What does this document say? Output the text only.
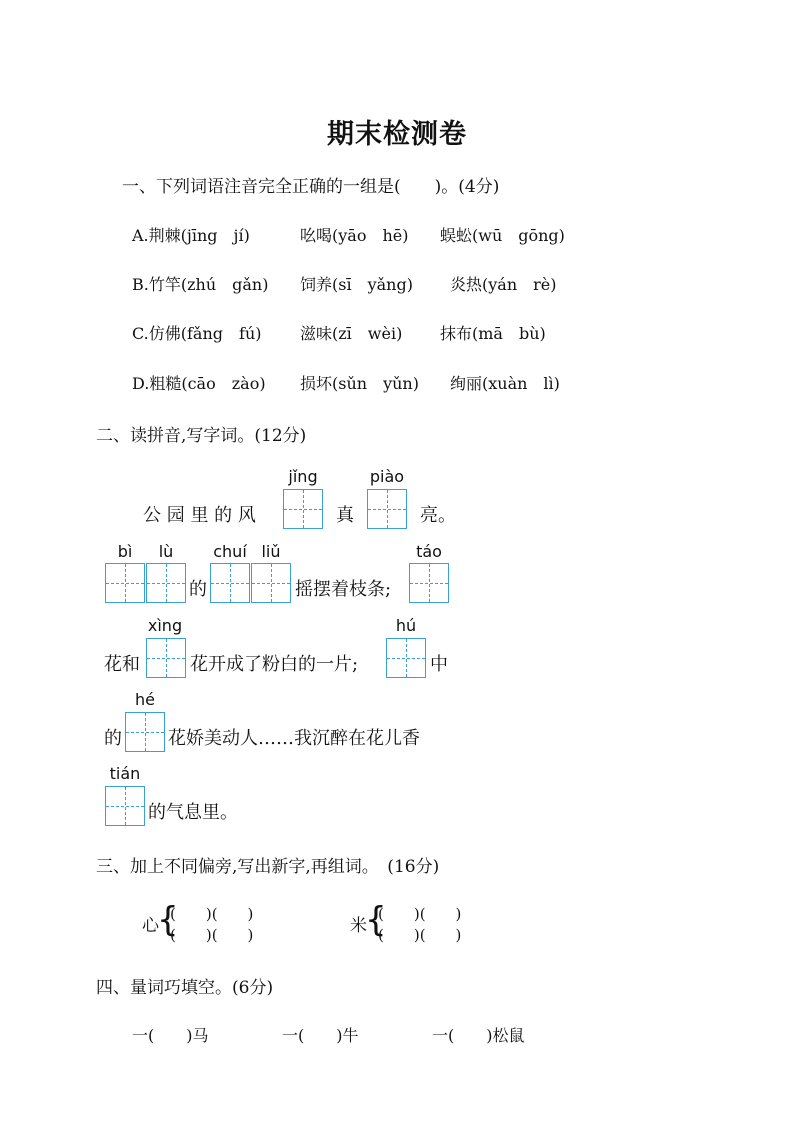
期末检测卷
一、下列词语注音完全正确的一组是(　　)。(4分)
A.荆棘(jīng　jí)	吆喝(yāo　hē) 蜈蚣(wū　gōng)
B.竹竿(zhú　gǎn) 饲养(sī　yǎng) 炎热(yán　rè)
C.仿佛(fǎng　fú) 滋味(zī　wèi) 抹布(mā　bù)
D.粗糙(cāo　zào) 损坏(sǔn　yǔn) 绚丽(xuàn　lì)
二、读拼音,写字词。(12分)
公 园 里 的 风
jǐng
真
piào
亮。
bì	lù
的
chuí liǔ
摇摆着枝条;
táo
花和
xìng
花开成了粉白的一片;
hú
中
的
hé
花娇美动人……我沉醉在花儿香
tián
的气息里。
三、加上不同偏旁,写出新字,再组词。　(16分)
心
{
(　　)(　　)
(　　)(　　)	米
{
(　　)(　　)
(　　)(　　)
四、量词巧填空。(6分)
一(　　)马	一(　　)牛	一(　　)松鼠
